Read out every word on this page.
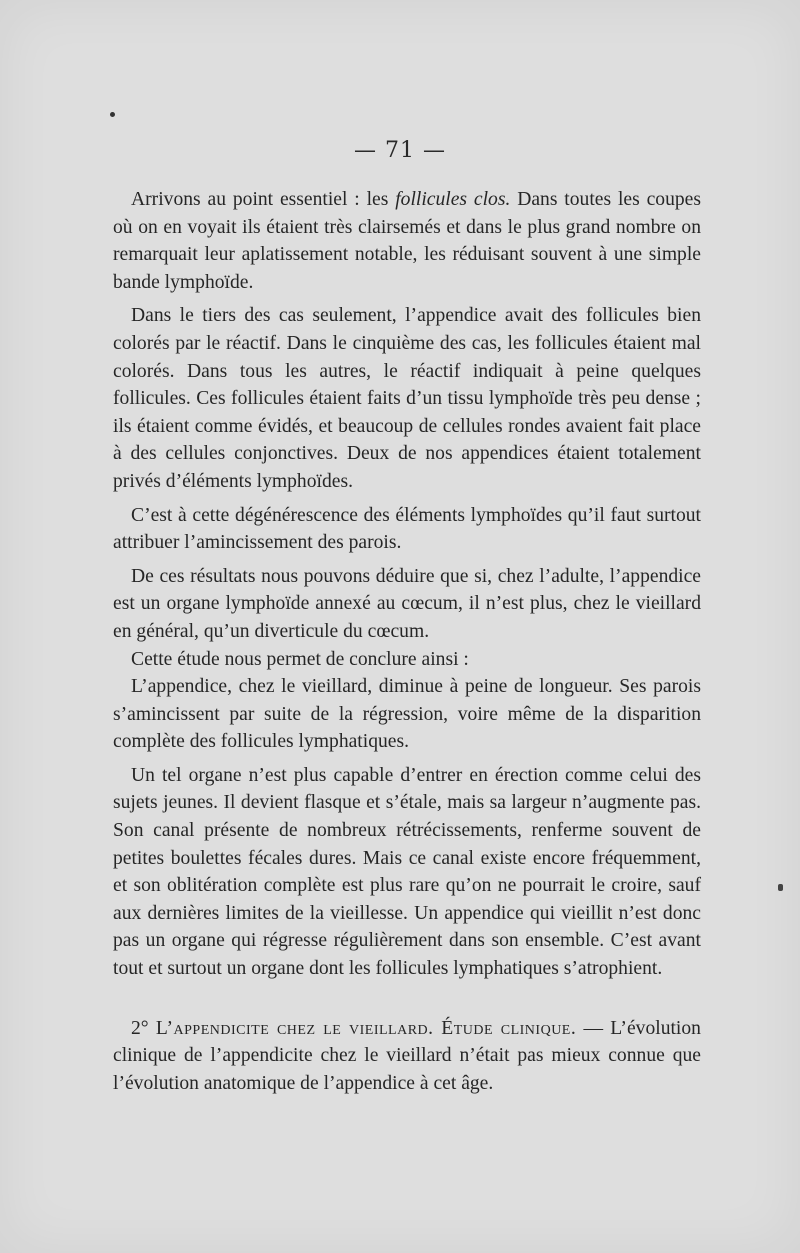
— 71 —

Arrivons au point essentiel : les follicules clos. Dans toutes les coupes où on en voyait ils étaient très clairsemés et dans le plus grand nombre on remarquait leur aplatissement notable, les réduisant souvent à une simple bande lymphoïde.

Dans le tiers des cas seulement, l’appendice avait des follicules bien colorés par le réactif. Dans le cinquième des cas, les follicules étaient mal colorés. Dans tous les autres, le réactif indiquait à peine quelques follicules. Ces follicules étaient faits d’un tissu lymphoïde très peu dense ; ils étaient comme évidés, et beaucoup de cellules rondes avaient fait place à des cellules conjonctives. Deux de nos appendices étaient totalement privés d’éléments lymphoïdes.

C’est à cette dégénérescence des éléments lymphoïdes qu’il faut surtout attribuer l’amincissement des parois.

De ces résultats nous pouvons déduire que si, chez l’adulte, l’appendice est un organe lymphoïde annexé au cœcum, il n’est plus, chez le vieillard en général, qu’un diverticule du cœcum.

Cette étude nous permet de conclure ainsi :

L’appendice, chez le vieillard, diminue à peine de longueur. Ses parois s’amincissent par suite de la régression, voire même de la disparition complète des follicules lymphatiques.

Un tel organe n’est plus capable d’entrer en érection comme celui des sujets jeunes. Il devient flasque et s’étale, mais sa largeur n’augmente pas. Son canal présente de nombreux rétrécissements, renferme souvent de petites boulettes fécales dures. Mais ce canal existe encore fréquemment, et son oblitération complète est plus rare qu’on ne pourrait le croire, sauf aux dernières limites de la vieillesse. Un appendice qui vieillit n’est donc pas un organe qui régresse régulièrement dans son ensemble. C’est avant tout et surtout un organe dont les follicules lymphatiques s’atrophient.

2° L’appendicite chez le vieillard. Étude clinique. — L’évolution clinique de l’appendicite chez le vieillard n’était pas mieux connue que l’évolution anatomique de l’appendice à cet âge.
